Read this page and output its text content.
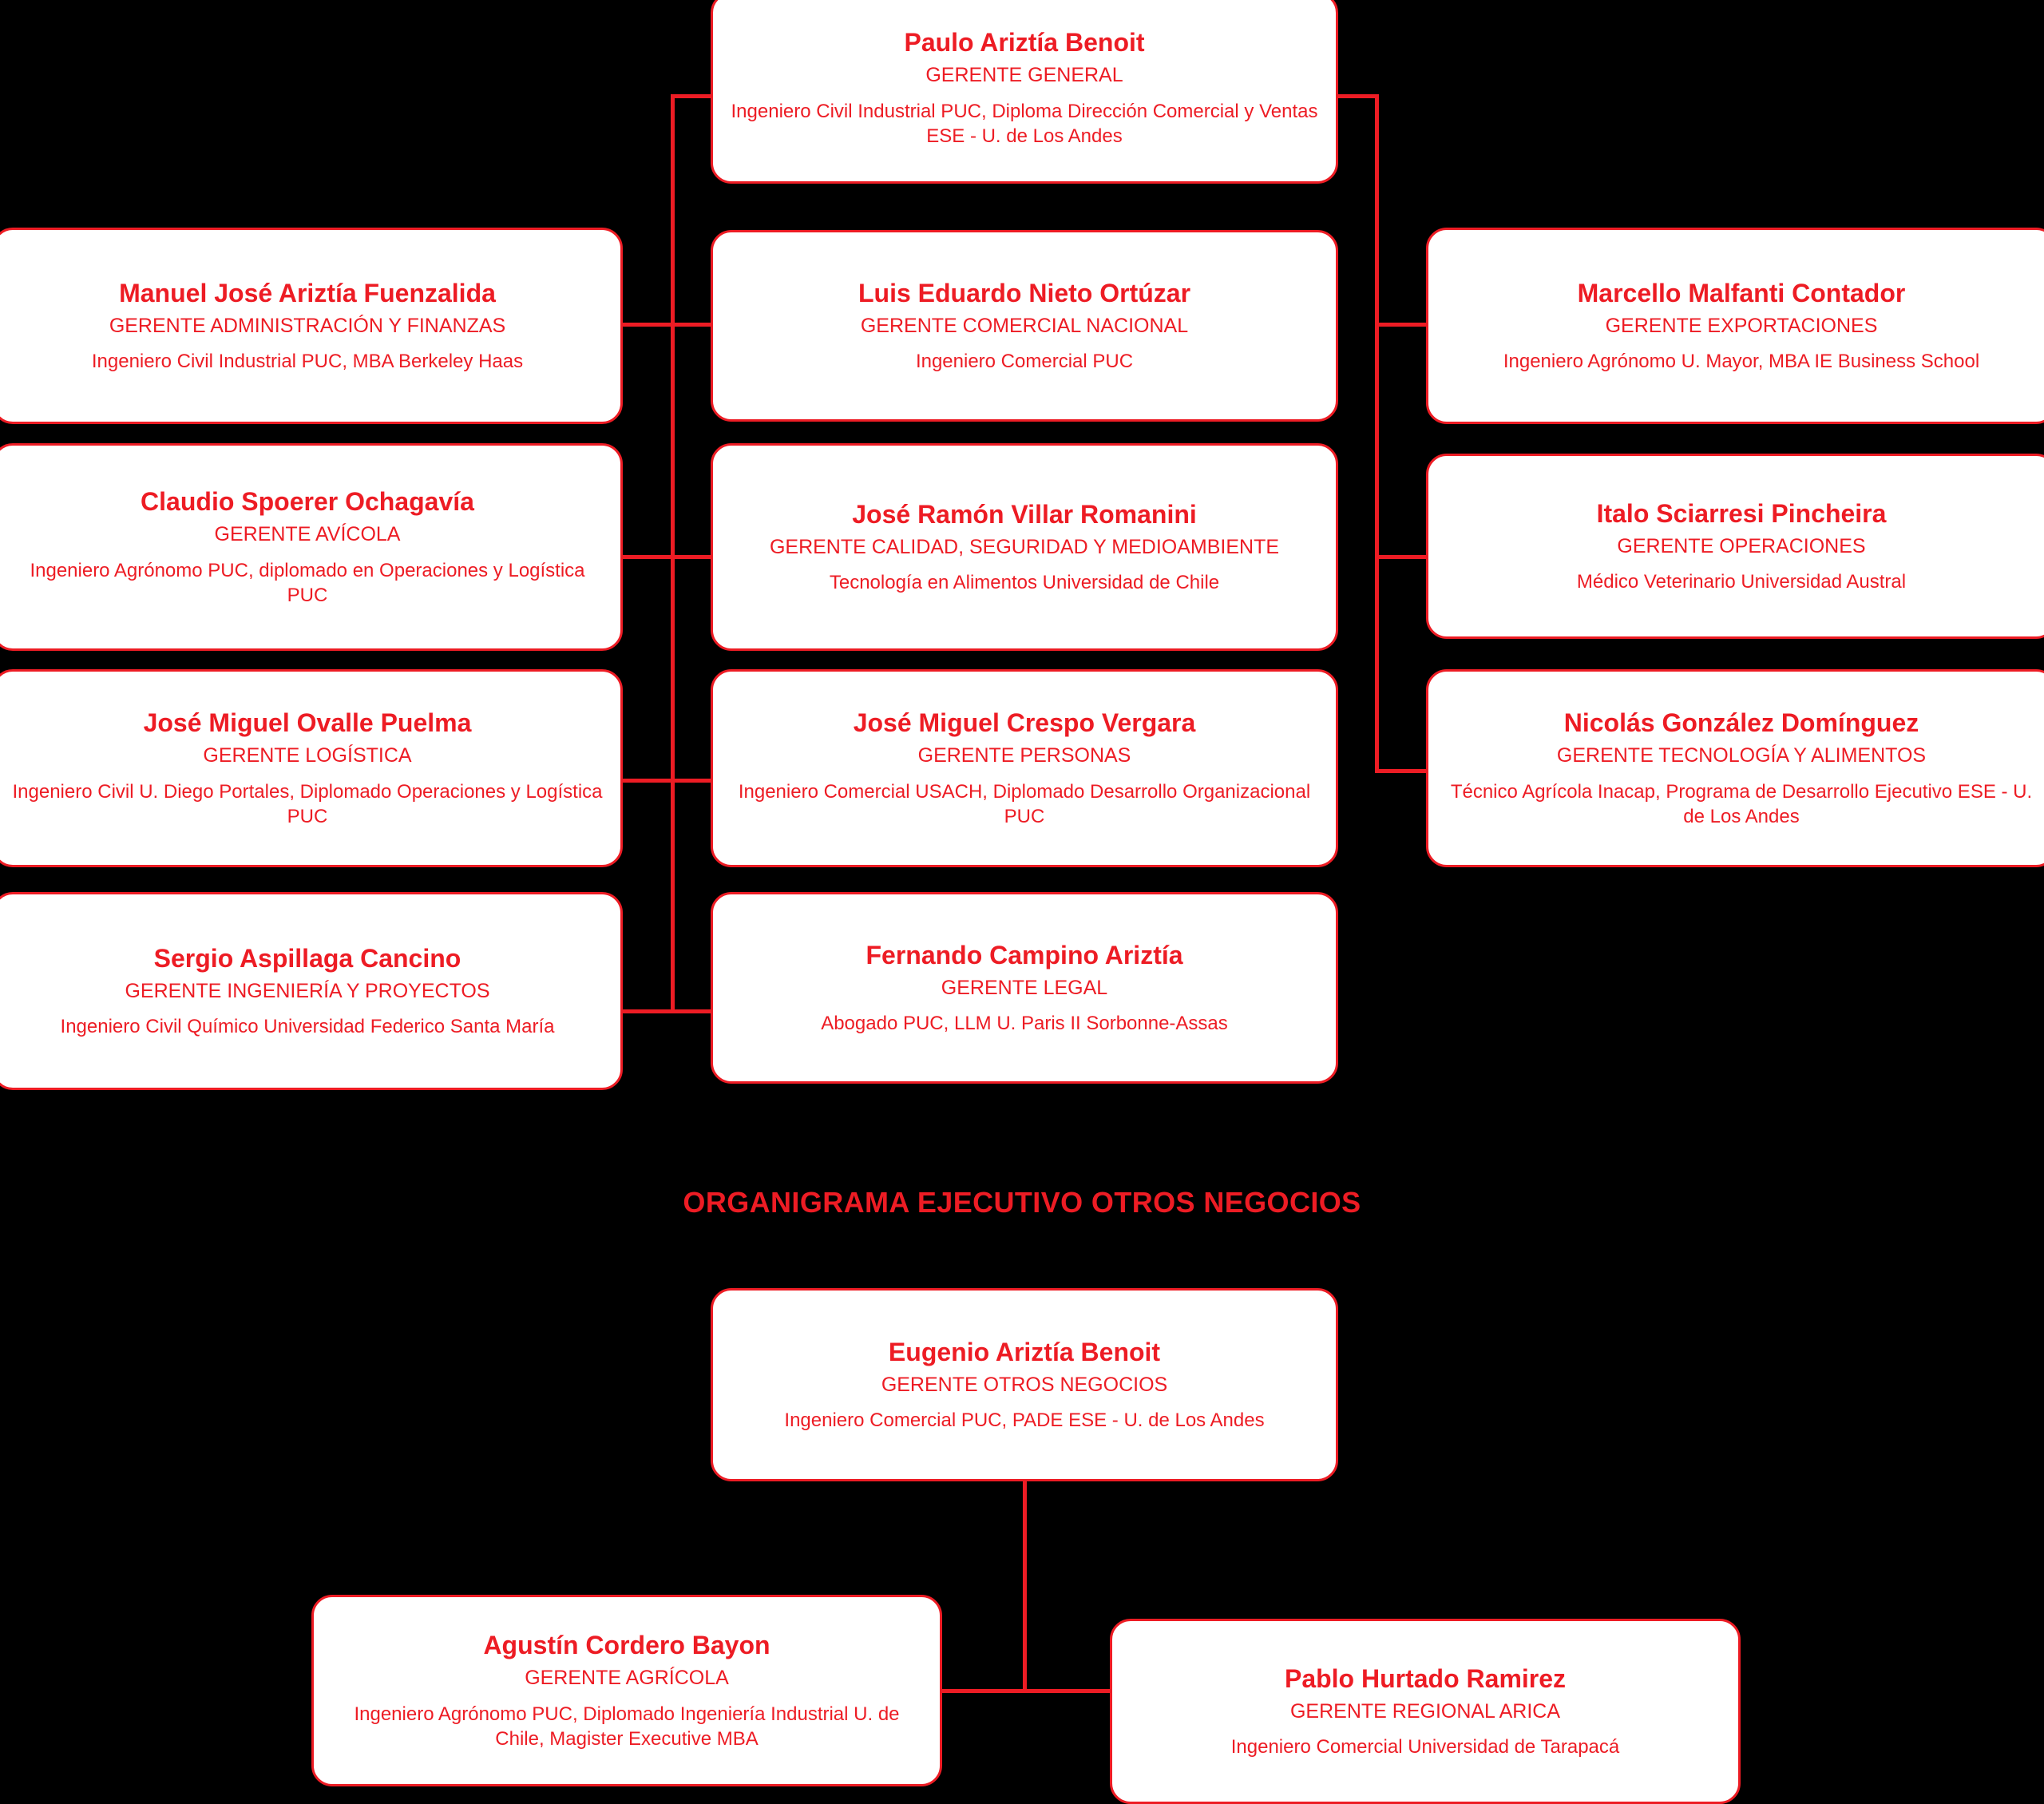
Paulo Ariztía Benoit
GERENTE GENERAL
Ingeniero Civil Industrial PUC, Diploma Dirección Comercial y Ventas ESE - U. de Los Andes
Manuel José Ariztía Fuenzalida
GERENTE ADMINISTRACIÓN Y FINANZAS
Ingeniero Civil Industrial PUC, MBA Berkeley Haas
Luis Eduardo Nieto Ortúzar
GERENTE COMERCIAL NACIONAL
Ingeniero Comercial PUC
Marcello Malfanti Contador
GERENTE EXPORTACIONES
Ingeniero Agrónomo U. Mayor, MBA IE Business School
Claudio Spoerer Ochagavía
GERENTE AVÍCOLA
Ingeniero Agrónomo PUC, diplomado en Operaciones y Logística PUC
José Ramón Villar Romanini
GERENTE CALIDAD, SEGURIDAD Y MEDIOAMBIENTE
Tecnología en Alimentos Universidad de Chile
Italo Sciarresi Pincheira
GERENTE OPERACIONES
Médico Veterinario Universidad Austral
José Miguel Ovalle Puelma
GERENTE LOGÍSTICA
Ingeniero Civil U. Diego Portales, Diplomado Operaciones y Logística PUC
José Miguel Crespo Vergara
GERENTE PERSONAS
Ingeniero Comercial USACH, Diplomado Desarrollo Organizacional PUC
Nicolás González Domínguez
GERENTE TECNOLOGÍA Y ALIMENTOS
Técnico Agrícola Inacap, Programa de Desarrollo Ejecutivo ESE - U. de Los Andes
Sergio Aspillaga Cancino
GERENTE INGENIERÍA Y PROYECTOS
Ingeniero Civil Químico Universidad Federico Santa María
Fernando Campino Ariztía
GERENTE LEGAL
Abogado PUC, LLM U. Paris II Sorbonne-Assas
ORGANIGRAMA EJECUTIVO OTROS NEGOCIOS
Eugenio Ariztía Benoit
GERENTE OTROS NEGOCIOS
Ingeniero Comercial PUC, PADE ESE - U. de Los Andes
Agustín Cordero Bayon
GERENTE AGRÍCOLA
Ingeniero Agrónomo PUC, Diplomado Ingeniería Industrial U. de Chile, Magister Executive MBA
Pablo Hurtado Ramirez
GERENTE REGIONAL ARICA
Ingeniero Comercial Universidad de Tarapacá
